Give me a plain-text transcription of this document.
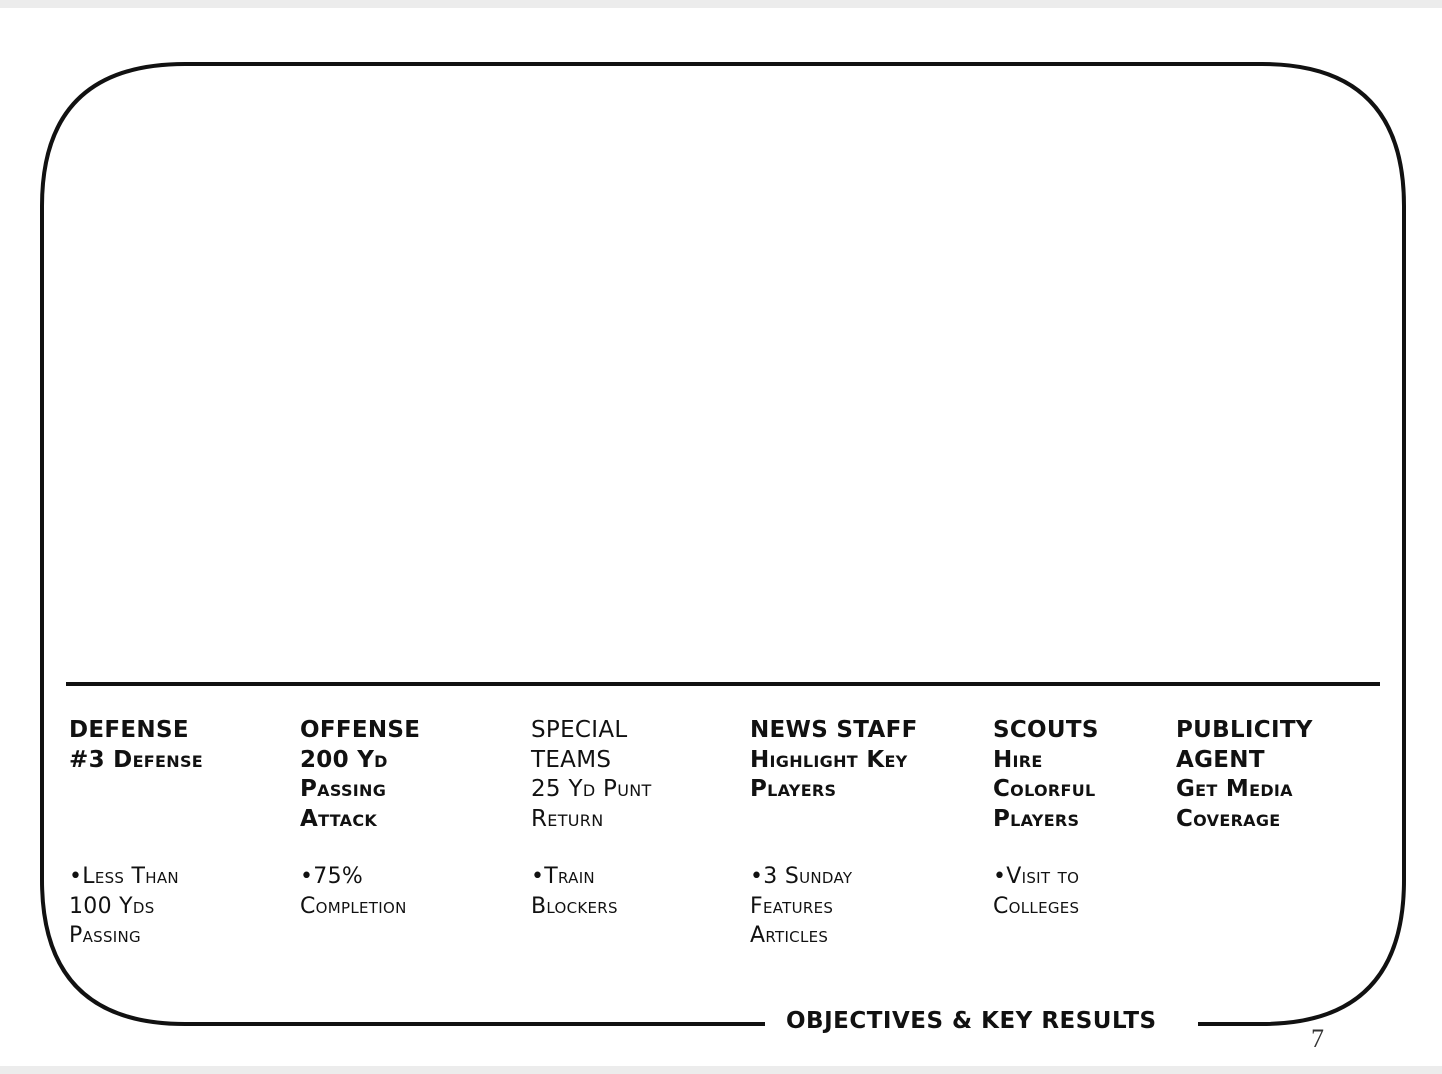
DEFENSE
#3 Defense
•Less Than
100 Yds
Passing
OFFENSE
200 Yd
Passing
Attack
•75%
Completion
SPECIAL
TEAMS
25 Yd Punt
Return
•Train
Blockers
NEWS STAFF
Highlight Key
Players
•3 Sunday
Features
Articles
SCOUTS
Hire
Colorful
Players
•Visit to
Colleges
PUBLICITY
AGENT
Get Media
Coverage
OBJECTIVES & KEY RESULTS
7
